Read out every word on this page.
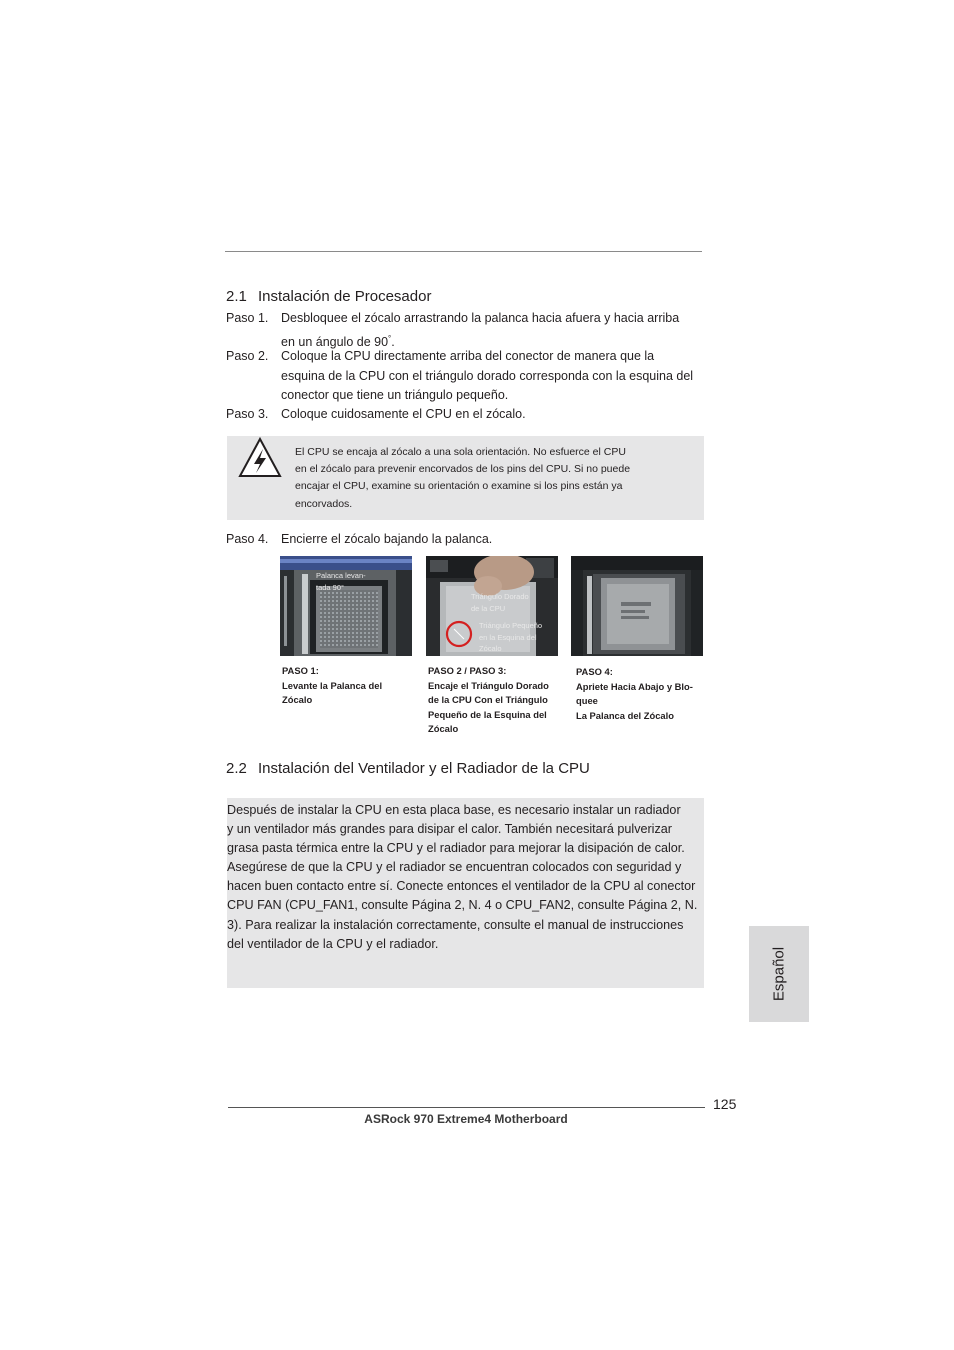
2.1 Instalación de Procesador
Paso 1. Desbloquee el zócalo arrastrando la palanca hacia afuera y hacia arriba
en un ángulo de 90°.
Paso 2. Coloque la CPU directamente arriba del conector de manera que la
esquina de la CPU con el triángulo dorado corresponda con la esquina del
conector que tiene un triángulo pequeño.
Paso 3. Coloque cuidosamente el CPU en el zócalo.
El CPU se encaja al zócalo a una sola orientación. No esfuerce el CPU
en el zócalo para prevenir encorvados de los pins del CPU. Si no puede
encajar el CPU, examine su orientación o examine si los pins están ya
encorvados.
Paso 4. Encierre el zócalo bajando la palanca.
Palanca levan-
tada 90°
Triángulo Dorado
de la CPU
Triángulo Pequeño
en la Esquina del
Zócalo
PASO 1:
Levante la Palanca del
Zócalo
PASO 2 / PASO 3:
Encaje el Triángulo Dorado
de la CPU Con el Triángulo
Pequeño de la Esquina del
Zócalo
PASO 4:
Apriete Hacia Abajo y Blo-
quee
La Palanca del Zócalo
2.2 Instalación del Ventilador y el Radiador de la CPU
Después de instalar la CPU en esta placa base, es necesario instalar un radiador
y un ventilador más grandes para disipar el calor. También necesitará pulverizar
grasa pasta térmica entre la CPU y el radiador para mejorar la disipación de calor.
Asegúrese de que la CPU y el radiador se encuentran colocados con seguridad y
hacen buen contacto entre sí. Conecte entonces el ventilador de la CPU al conector
CPU FAN (CPU_FAN1, consulte Página 2, N. 4 o CPU_FAN2, consulte Página 2, N.
3). Para realizar la instalación correctamente, consulte el manual de instrucciones
del ventilador de la CPU y el radiador.
Español
125
ASRock 970 Extreme4 Motherboard
